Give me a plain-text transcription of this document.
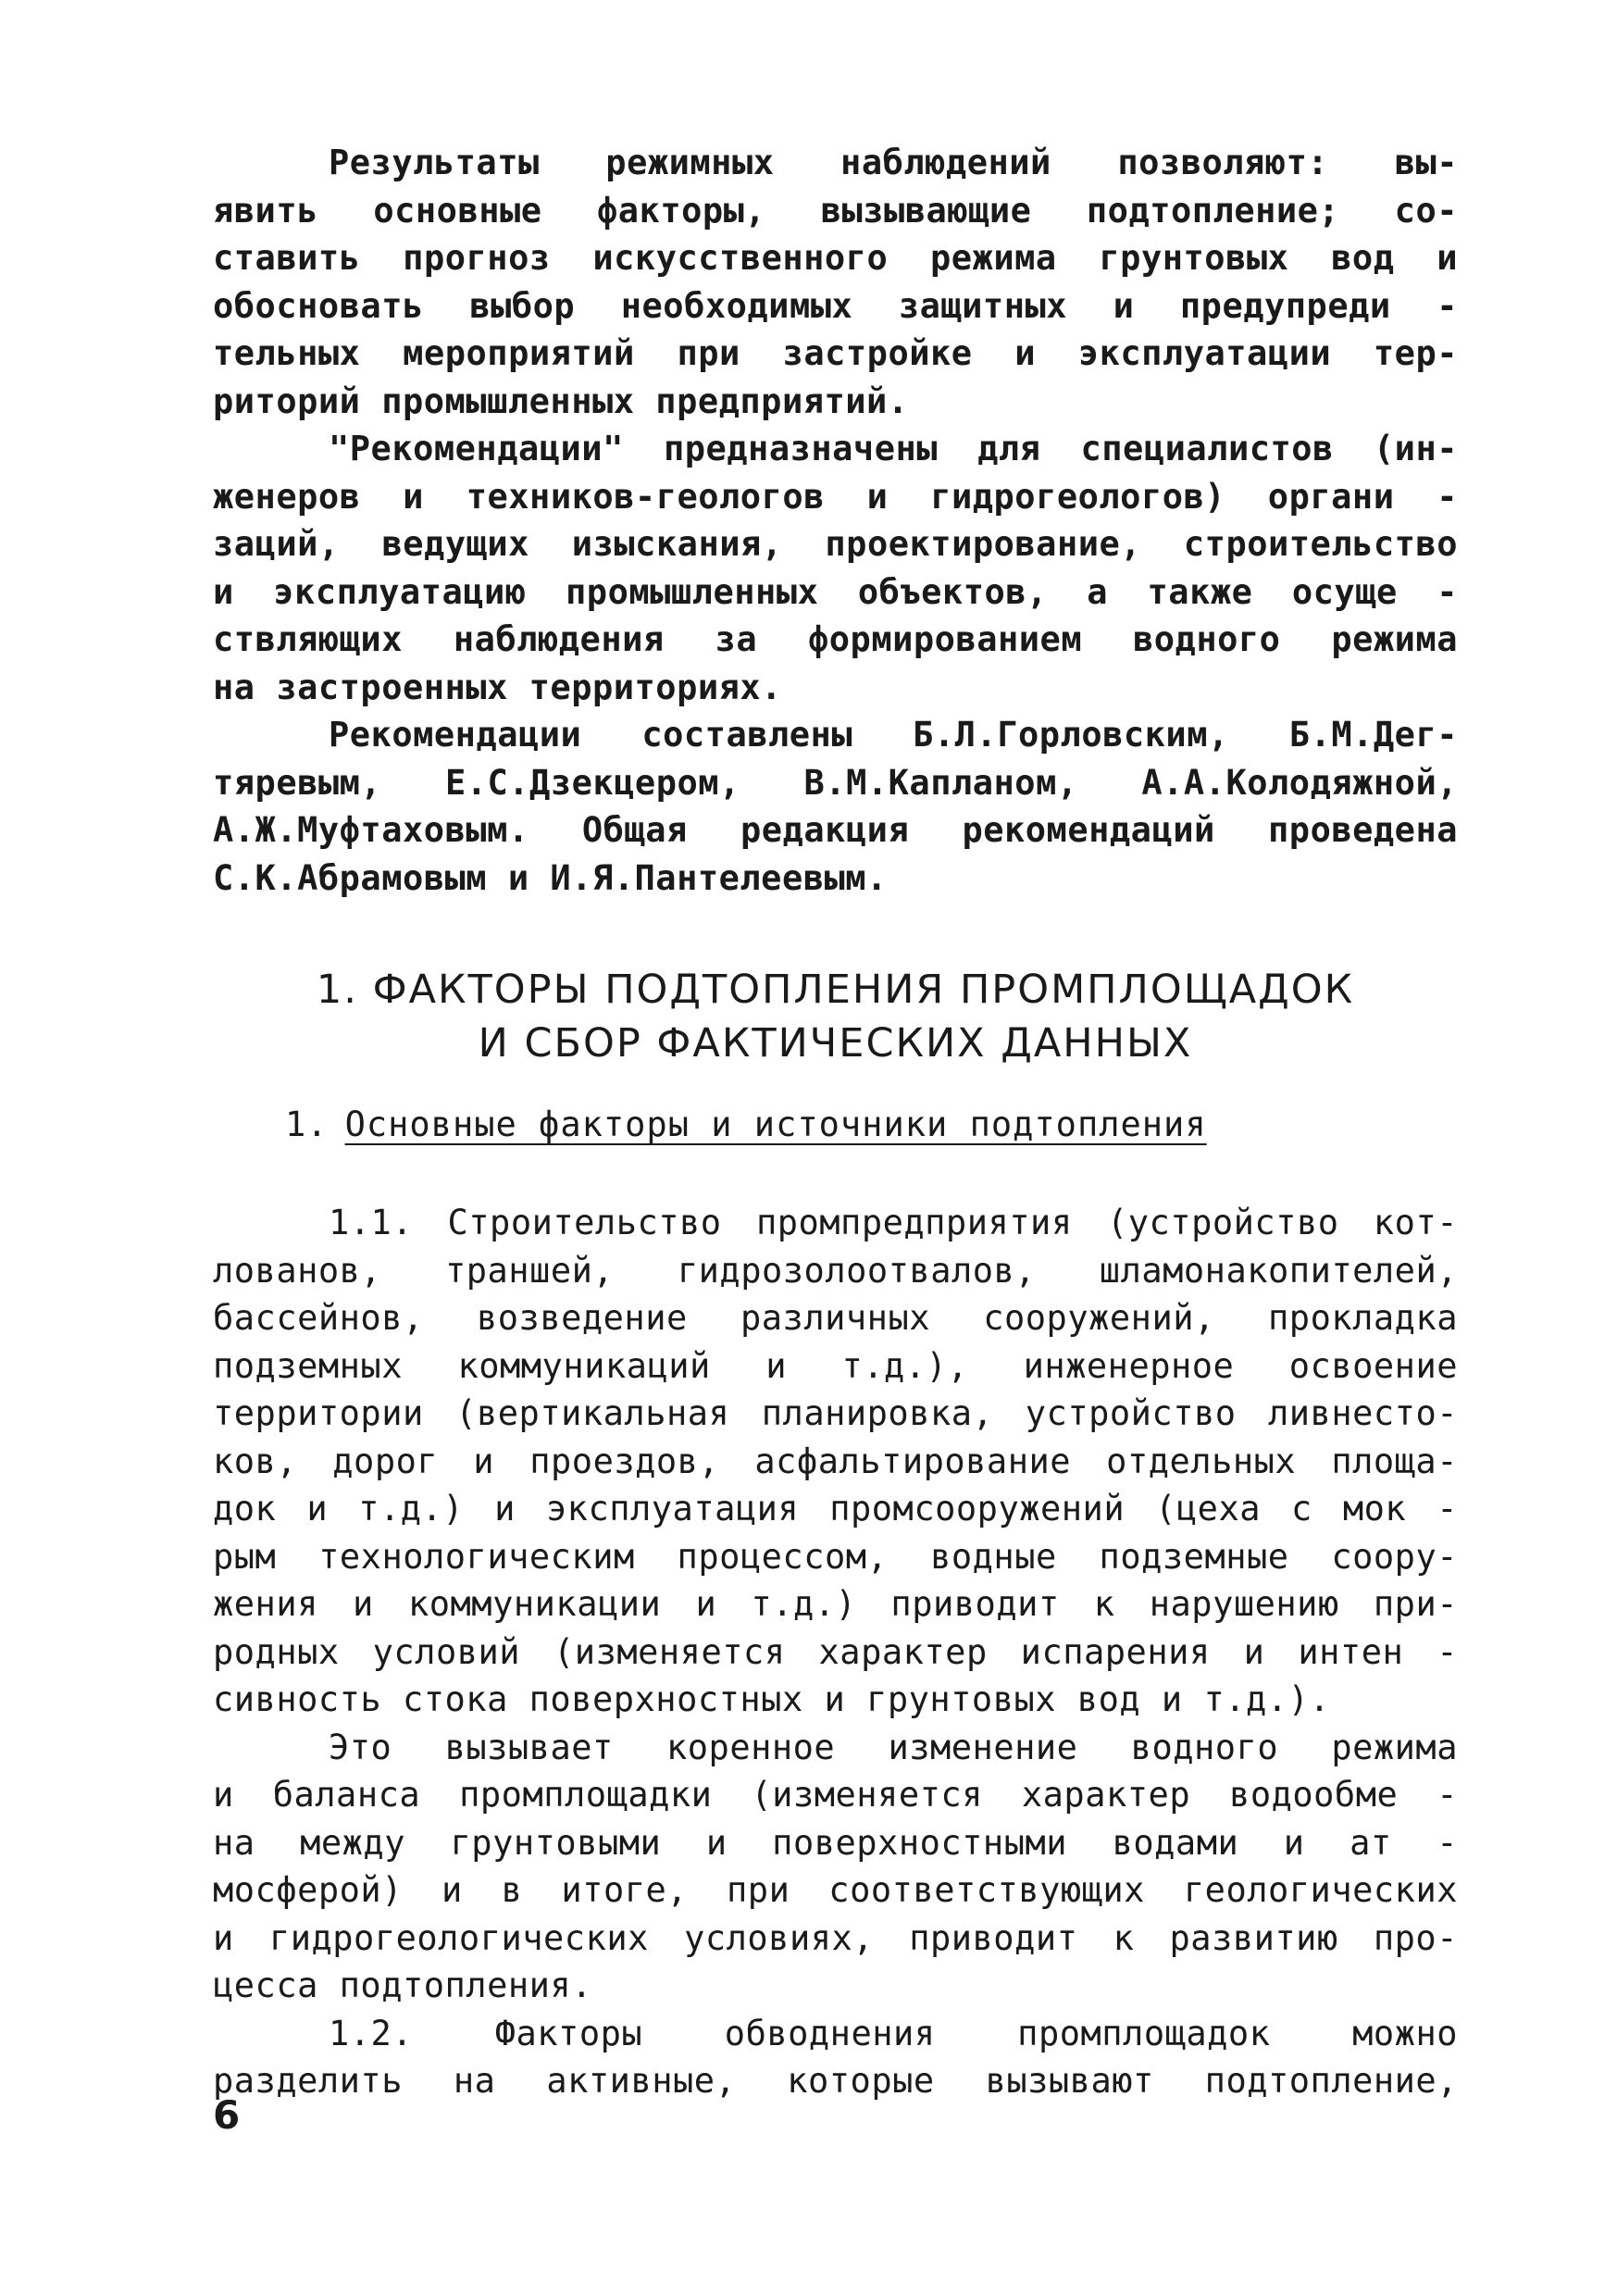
Результаты режимных наблюдений позволяют: вы-
явить основные факторы, вызывающие подтопление; со-
ставить прогноз искусственного режима грунтовых вод и
обосновать выбор необходимых защитных и предупреди -
тельных мероприятий при застройке и эксплуатации тер-
риторий промышленных предприятий.
"Рекомендации" предназначены для специалистов (ин-
женеров и техников-геологов и гидрогеологов) органи -
заций, ведущих изыскания, проектирование, строительство
и эксплуатацию промышленных объектов, а также осуще -
ствляющих наблюдения за формированием водного режима
на застроенных территориях.
Рекомендации составлены Б.Л.Горловским, Б.М.Дег-
тяревым, Е.С.Дзекцером, В.М.Капланом, А.А.Колодяжной,
А.Ж.Муфтаховым. Общая редакция рекомендаций проведена
С.К.Абрамовым и И.Я.Пантелеевым.
1. ФАКТОРЫ ПОДТОПЛЕНИЯ ПРОМПЛОЩАДОК
И СБОР ФАКТИЧЕСКИХ ДАННЫХ
1. Основные факторы и источники подтопления
1.1. Строительство промпредприятия (устройство кот-
лованов, траншей, гидрозолоотвалов, шламонакопителей,
бассейнов, возведение различных сооружений, прокладка
подземных коммуникаций и т.д.), инженерное освоение
территории (вертикальная планировка, устройство ливнесто-
ков, дорог и проездов, асфальтирование отдельных площа-
док и т.д.) и эксплуатация промсооружений (цеха с мок -
рым технологическим процессом, водные подземные соору-
жения и коммуникации и т.д.) приводит к нарушению при-
родных условий (изменяется характер испарения и интен -
сивность стока поверхностных и грунтовых вод и т.д.).
Это вызывает коренное изменение водного режима
и баланса промплощадки (изменяется характер водообме -
на между грунтовыми и поверхностными водами и ат -
мосферой) и в итоге, при соответствующих геологических
и гидрогеологических условиях, приводит к развитию про-
цесса подтопления.
1.2. Факторы обводнения промплощадок можно
разделить на активные, которые вызывают подтопление,
6
